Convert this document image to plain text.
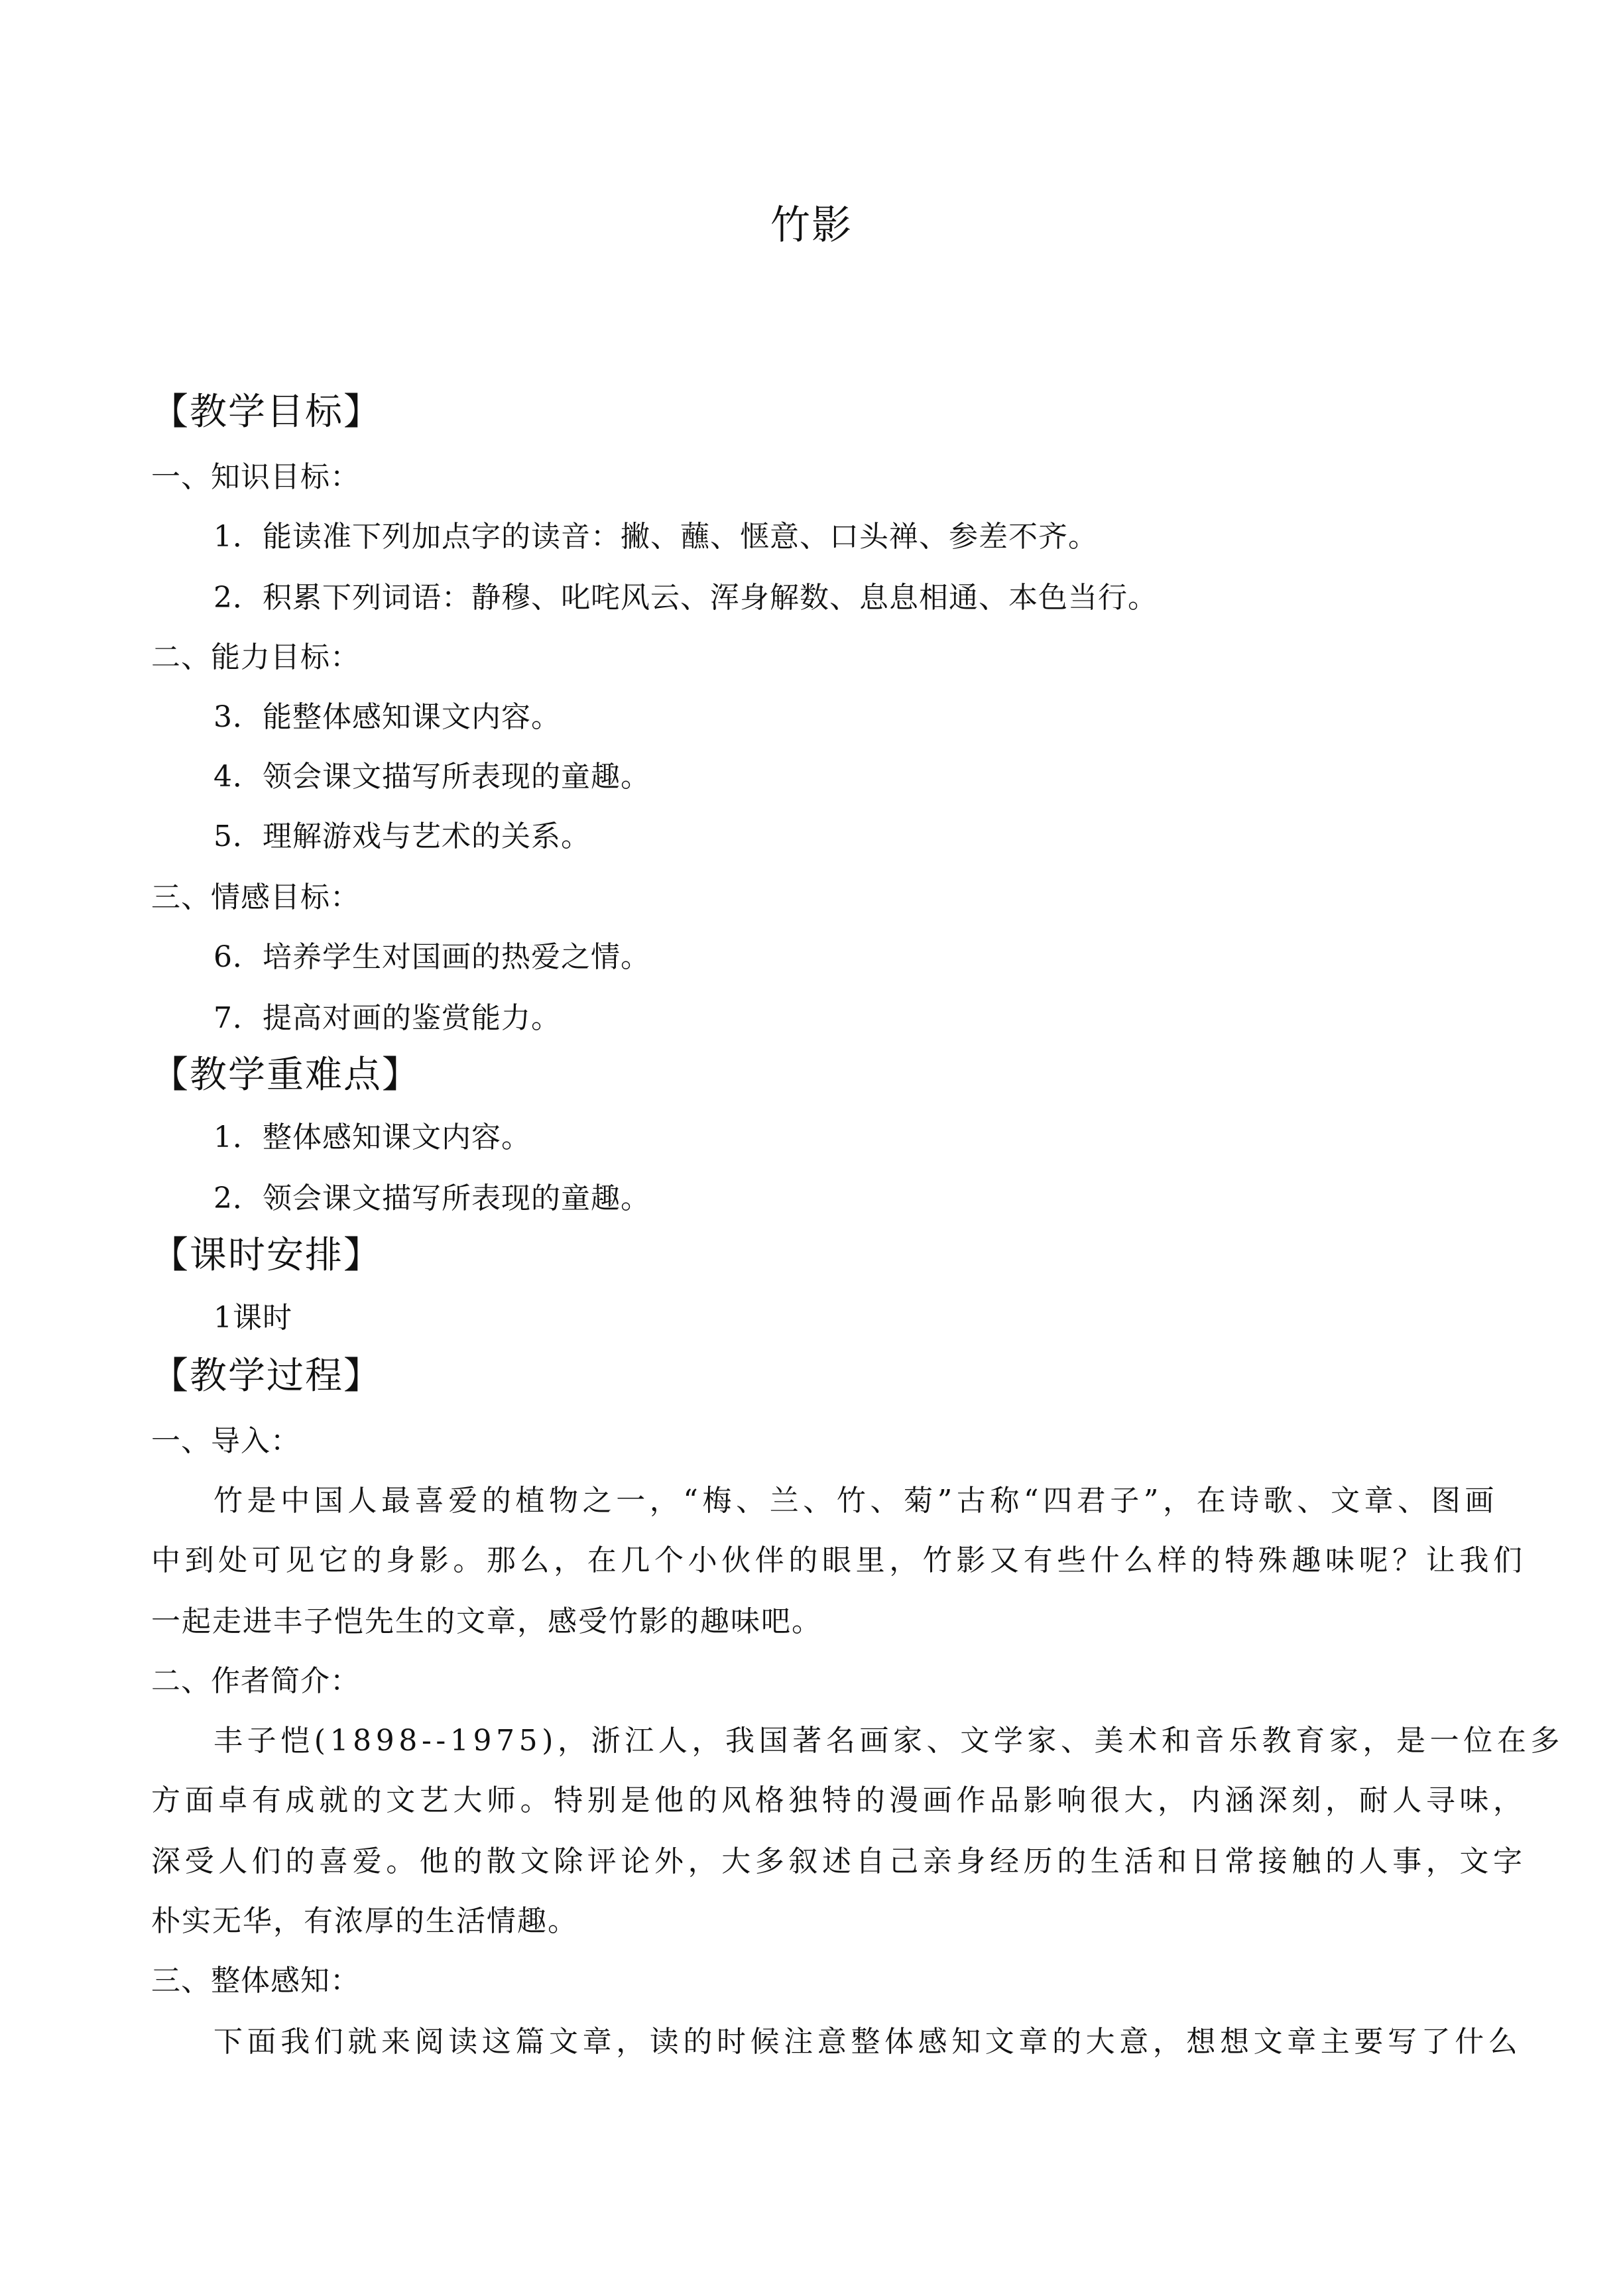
竹影
【教学目标】
一、知识目标：
1．能读准下列加点字的读音：撇、蘸、惬意、口头禅、参差不齐。
2．积累下列词语：静穆、叱咤风云、浑身解数、息息相通、本色当行。
二、能力目标：
3．能整体感知课文内容。
4．领会课文描写所表现的童趣。
5．理解游戏与艺术的关系。
三、情感目标：
6．培养学生对国画的热爱之情。
7．提高对画的鉴赏能力。
【教学重难点】
1．整体感知课文内容。
2．领会课文描写所表现的童趣。
【课时安排】
1课时
【教学过程】
一、导入：
竹是中国人最喜爱的植物之一，“梅、兰、竹、菊”古称“四君子”，在诗歌、文章、图画
中到处可见它的身影。那么，在几个小伙伴的眼里，竹影又有些什么样的特殊趣味呢？让我们
一起走进丰子恺先生的文章，感受竹影的趣味吧。
二、作者简介：
丰子恺(1898--1975)，浙江人，我国著名画家、文学家、美术和音乐教育家，是一位在多
方面卓有成就的文艺大师。特别是他的风格独特的漫画作品影响很大，内涵深刻，耐人寻味，
深受人们的喜爱。他的散文除评论外，大多叙述自己亲身经历的生活和日常接触的人事，文字
朴实无华，有浓厚的生活情趣。
三、整体感知：
下面我们就来阅读这篇文章，读的时候注意整体感知文章的大意，想想文章主要写了什么
